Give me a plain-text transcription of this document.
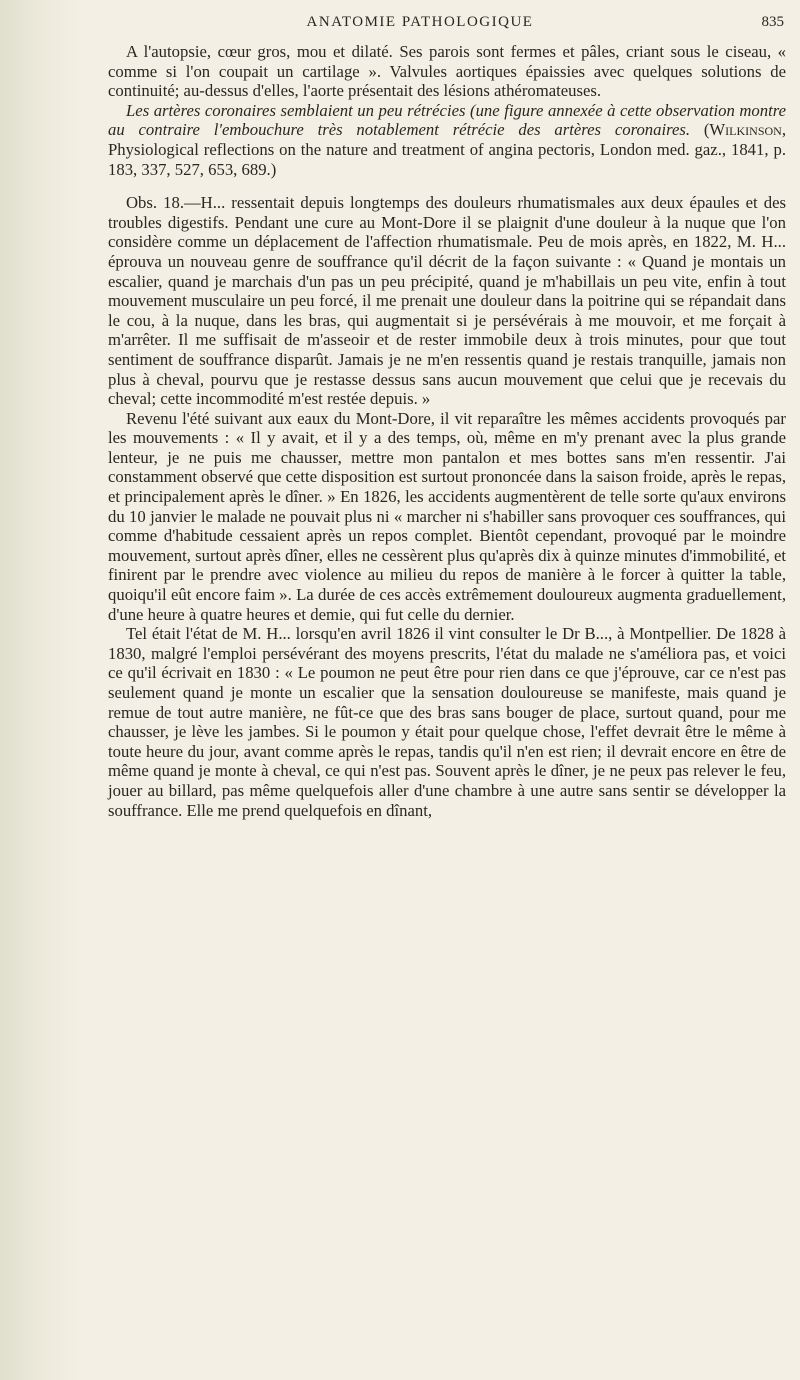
ANATOMIE PATHOLOGIQUE	835

A l'autopsie, cœur gros, mou et dilaté. Ses parois sont fermes et pâles, criant sous le ciseau, « comme si l'on coupait un cartilage ». Valvules aortiques épaissies avec quelques solutions de continuité; au-dessus d'elles, l'aorte présentait des lésions athéromateuses.

Les artères coronaires semblaient un peu rétrécies (une figure annexée à cette observation montre au contraire l'embouchure très notablement rétrécie des artères coronaires. (Wilkinson, Physiological reflections on the nature and treatment of angina pectoris, London med. gaz., 1841, p. 183, 337, 527, 653, 689.)

Obs. 18.—H... ressentait depuis longtemps des douleurs rhumatismales aux deux épaules et des troubles digestifs. Pendant une cure au Mont-Dore il se plaignit d'une douleur à la nuque que l'on considère comme un déplacement de l'affection rhumatismale. Peu de mois après, en 1822, M. H... éprouva un nouveau genre de souffrance qu'il décrit de la façon suivante : « Quand je montais un escalier, quand je marchais d'un pas un peu précipité, quand je m'habillais un peu vite, enfin à tout mouvement musculaire un peu forcé, il me prenait une douleur dans la poitrine qui se répandait dans le cou, à la nuque, dans les bras, qui augmentait si je persévérais à me mouvoir, et me forçait à m'arrêter. Il me suffisait de m'asseoir et de rester immobile deux à trois minutes, pour que tout sentiment de souffrance disparût. Jamais je ne m'en ressentis quand je restais tranquille, jamais non plus à cheval, pourvu que je restasse dessus sans aucun mouvement que celui que je recevais du cheval; cette incommodité m'est restée depuis. »

Revenu l'été suivant aux eaux du Mont-Dore, il vit reparaître les mêmes accidents provoqués par les mouvements : « Il y avait, et il y a des temps, où, même en m'y prenant avec la plus grande lenteur, je ne puis me chausser, mettre mon pantalon et mes bottes sans m'en ressentir. J'ai constamment observé que cette disposition est surtout prononcée dans la saison froide, après le repas, et principalement après le dîner. » En 1826, les accidents augmentèrent de telle sorte qu'aux environs du 10 janvier le malade ne pouvait plus ni « marcher ni s'habiller sans provoquer ces souffrances, qui comme d'habitude cessaient après un repos complet. Bientôt cependant, provoqué par le moindre mouvement, surtout après dîner, elles ne cessèrent plus qu'après dix à quinze minutes d'immobilité, et finirent par le prendre avec violence au milieu du repos de manière à le forcer à quitter la table, quoiqu'il eût encore faim ». La durée de ces accès extrêmement douloureux augmenta graduellement, d'une heure à quatre heures et demie, qui fut celle du dernier.

Tel était l'état de M. H... lorsqu'en avril 1826 il vint consulter le Dr B..., à Montpellier. De 1828 à 1830, malgré l'emploi persévérant des moyens prescrits, l'état du malade ne s'améliora pas, et voici ce qu'il écrivait en 1830 : « Le poumon ne peut être pour rien dans ce que j'éprouve, car ce n'est pas seulement quand je monte un escalier que la sensation douloureuse se manifeste, mais quand je remue de tout autre manière, ne fût-ce que des bras sans bouger de place, surtout quand, pour me chausser, je lève les jambes. Si le poumon y était pour quelque chose, l'effet devrait être le même à toute heure du jour, avant comme après le repas, tandis qu'il n'en est rien; il devrait encore en être de même quand je monte à cheval, ce qui n'est pas. Souvent après le dîner, je ne peux pas relever le feu, jouer au billard, pas même quelquefois aller d'une chambre à une autre sans sentir se développer la souffrance. Elle me prend quelquefois en dînant,
